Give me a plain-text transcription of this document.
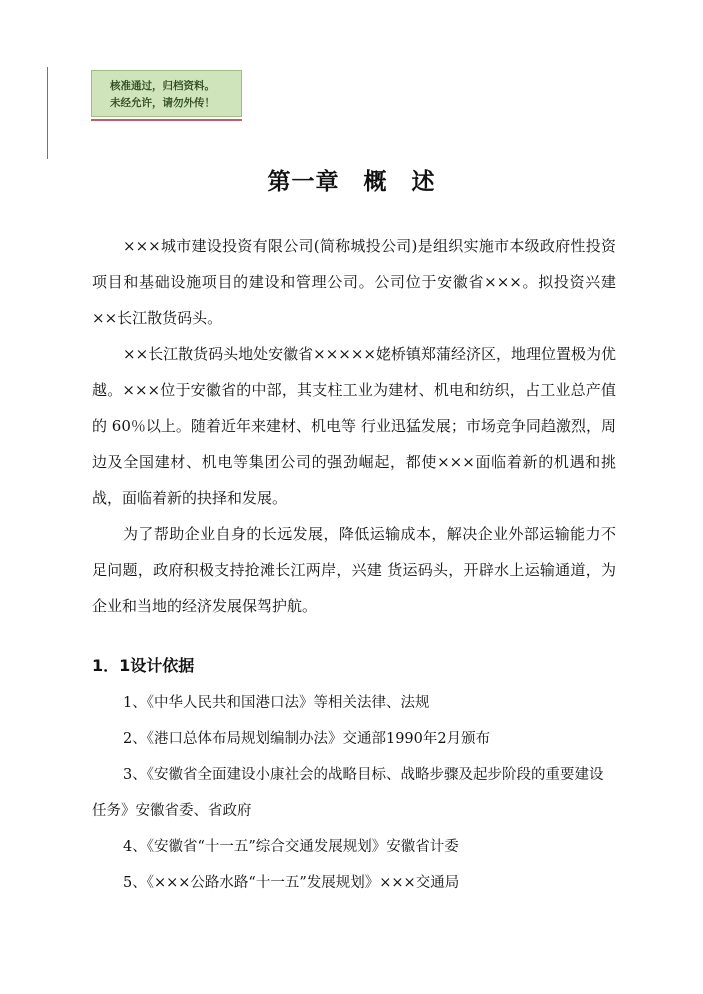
核准通过，归档资料。
未经允许，请勿外传！
第一章　概　述
×××城市建设投资有限公司(简称城投公司)是组织实施市本级政府性投资项目和基础设施项目的建设和管理公司。公司位于安徽省×××。拟投资兴建××长江散货码头。
××长江散货码头地处安徽省×××××姥桥镇郑蒲经济区，地理位置极为优越。×××位于安徽省的中部，其支柱工业为建材、机电和纺织，占工业总产值的 60％以上。随着近年来建材、机电等 行业迅猛发展；市场竞争同趋激烈，周边及全国建材、机电等集团公司的强劲崛起，都使×××面临着新的机遇和挑战，面临着新的抉择和发展。
为了帮助企业自身的长远发展，降低运输成本，解决企业外部运输能力不足问题，政府积极支持抢滩长江两岸，兴建 货运码头，开辟水上运输通道，为企业和当地的经济发展保驾护航。
1．1设计依据
1、《中华人民共和国港口法》等相关法律、法规
2、《港口总体布局规划编制办法》交通部1990年2月颁布
3、《安徽省全面建设小康社会的战略目标、战略步骤及起步阶段的重要建设任务》安徽省委、省政府
4、《安徽省“十一五”综合交通发展规划》安徽省计委
5、《×××公路水路“十一五”发展规划》×××交通局
